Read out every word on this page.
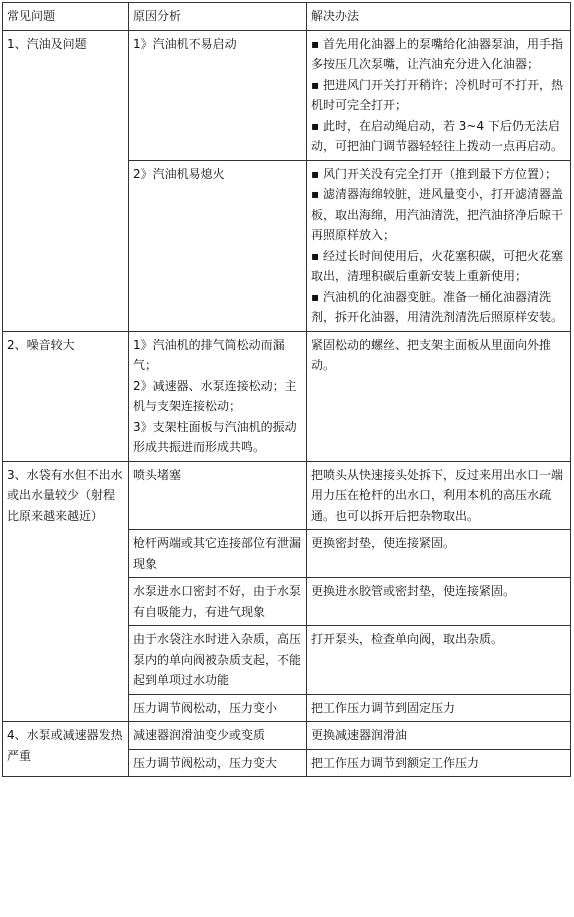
常见问题	原因分析	解决办法
1、汽油及问题	1》汽油机不易启动	▪ 首先用化油器上的泵嘴给化油器泵油，用手指多按压几次泵嘴，让汽油充分进入化油器；
▪ 把进风门开关打开稍许；冷机时可不打开，热机时可完全打开；
▪ 此时，在启动绳启动，若 3~4 下后仍无法启动，可把油门调节器轻轻往上拨动一点再启动。

	2》汽油机易熄火	▪ 风门开关没有完全打开（推到最下方位置）；
▪ 滤清器海绵较脏，进风量变小，打开滤清器盖板，取出海绵，用汽油清洗，把汽油挤净后晾干再照原样放入；
▪ 经过长时间使用后，火花塞积碳，可把火花塞取出，清理积碳后重新安装上重新使用；
▪ 汽油机的化油器变脏。准备一桶化油器清洗剂，拆开化油器，用清洗剂清洗后照原样安装。

2、噪音较大	1》汽油机的排气筒松动而漏气；
2》减速器、水泵连接松动；主机与支架连接松动；
3》支架柱面板与汽油机的振动形成共振进而形成共鸣。	紧固松动的螺丝、把支架主面板从里面向外推动。
3、水袋有水但不出水或出水量较少（射程比原来越来越近）	喷头堵塞	把喷头从快速接头处拆下，反过来用出水口一端用力压在枪杆的出水口，利用本机的高压水疏通。也可以拆开后把杂物取出。
	枪杆两端或其它连接部位有泄漏现象	更换密封垫，使连接紧固。
	水泵进水口密封不好，由于水泵有自吸能力，有进气现象	更换进水胶管或密封垫，使连接紧固。
	由于水袋注水时进入杂质，高压泵内的单向阀被杂质支起，不能起到单项过水功能	打开泵头，检查单向阀，取出杂质。
	压力调节阀松动，压力变小	把工作压力调节到固定压力
4、水泵或减速器发热严重	减速器润滑油变少或变质	更换减速器润滑油
	压力调节阀松动，压力变大	把工作压力调节到额定工作压力
